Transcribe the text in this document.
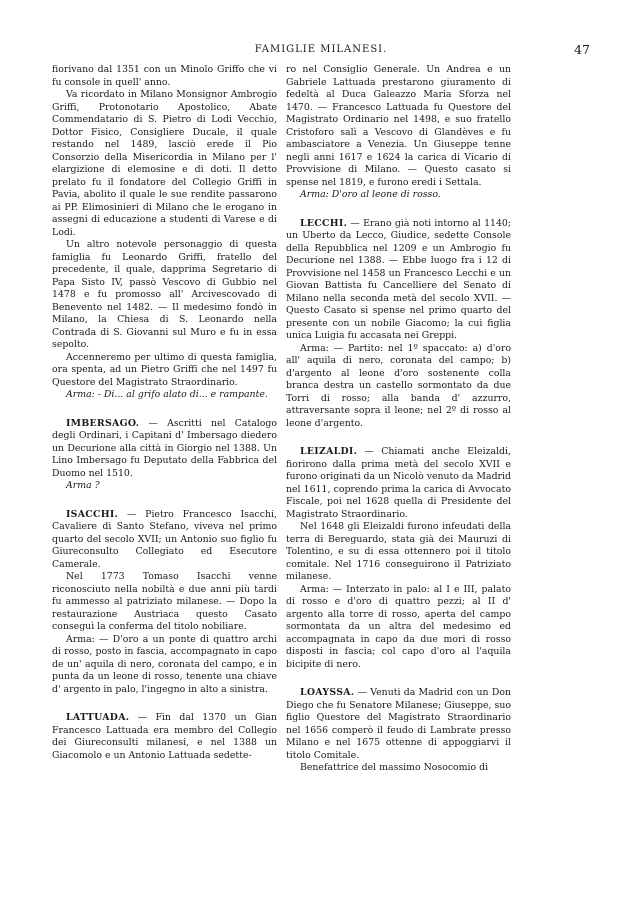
FAMIGLIE MILANESI.	47

fiorivano dal 1351 con un Minolo Griffo che vi fu console in quell' anno.

Va ricordato in Milano Monsignor Ambrogio Griffi, Protonotario Apostolico, Abate Commendatario di S. Pietro di Lodi Vecchio, Dottor Fisico, Consigliere Ducale, il quale restando nel 1489, lasciò erede il Pio Consorzio della Misericordia in Milano per l' elargizione di elemosine e di doti. Il detto prelato fu il fondatore del Collegio Griffi in Pavia, abolito il quale le sue rendite passarono ai PP. Elimosinieri di Milano che le erogano in assegni di educazione a studenti di Varese e di Lodi.

Un altro notevole personaggio di questa famiglia fu Leonardo Griffi, fratello del precedente, il quale, dapprima Segretario di Papa Sisto IV, passò Vescovo di Gubbio nel 1478 e fu promosso all' Arcivescovado di Benevento nel 1482. — Il medesimo fondò in Milano, la Chiesa di S. Leonardo nella Contrada di S. Giovanni sul Muro e fu in essa sepolto.

Accenneremo per ultimo di questa famiglia, ora spenta, ad un Pietro Griffi che nel 1497 fu Questore del Magistrato Straordinario.

Arma: - Di... al grifo alato di... e rampante.

IMBERSAGO. — Ascritti nel Catalogo degli Ordinari, i Capitani d' Imbersago diedero un Decurione alla città in Giorgio nel 1388. Un Lino Imbersago fu Deputato della Fabbrica del Duomo nel 1510.

Arma ?

ISACCHI. — Pietro Francesco Isacchi, Cavaliere di Santo Stefano, viveva nel primo quarto del secolo XVII; un Antonio suo figlio fu Giureconsulto Collegiato ed Esecutore Camerale.

Nel 1773 Tomaso Isacchi venne riconosciuto nella nobiltà e due anni più tardi fu ammesso al patriziato milanese. — Dopo la restaurazione Austriaca questo Casato conseguì la conferma del titolo nobiliare.

Arma: — D'oro a un ponte di quattro archi di rosso, posto in fascia, accompagnato in capo de un' aquila di nero, coronata del campo, e in punta da un leone di rosso, tenente una chiave d' argento in palo, l'ingegno in alto a sinistra.

LATTUADA. — Fin dal 1370 un Gian Francesco Lattuada era membro del Collegio dei Giureconsulti milanesi, e nel 1388 un Giacomolo e un Antonio Lattuada sedette-

ro nel Consiglio Generale. Un Andrea e un Gabriele Lattuada prestarono giuramento di fedeltà al Duca Galeazzo Maria Sforza nel 1470. — Francesco Lattuada fu Questore del Magistrato Ordinario nel 1498, e suo fratello Cristoforo salì a Vescovo di Glandèves e fu ambasciatore a Venezia. Un Giuseppe tenne negli anni 1617 e 1624 la carica di Vicario di Provvisione di Milano. — Questo casato si spense nel 1819, e furono eredi i Settala.

Arma: D'oro al leone di rosso.

LECCHI. — Erano già noti intorno al 1140; un Uberto da Lecco, Giudice, sedette Console della Repubblica nel 1209 e un Ambrogio fu Decurione nel 1388. — Ebbe luogo fra i 12 di Provvisione nel 1458 un Francesco Lecchi e un Giovan Battista fu Cancelliere del Senato di Milano nella seconda metà del secolo XVII. — Questo Casato si spense nel primo quarto del presente con un nobile Giacomo; la cui figlia unica Luigia fu accasata nei Greppi.

Arma: — Partito: nel 1º spaccato: a) d'oro all' aquila di nero, coronata del campo; b) d'argento al leone d'oro sostenente colla branca destra un castello sormontato da due Torri di rosso; alla banda d' azzurro, attraversante sopra il leone; nel 2º di rosso al leone d'argento.

LEIZALDI. — Chiamati anche Eleizaldi, fiorirono dalla prima metà del secolo XVII e furono originati da un Nicolò venuto da Madrid nel 1611, coprendo prima la carica di Avvocato Fiscale, poi nel 1628 quella di Presidente del Magistrato Straordinario.

Nel 1648 gli Eleizaldi furono infeudati della terra di Bereguardo, stata già dei Mauruzi di Tolentino, e su di essa ottennero poi il titolo comitale. Nel 1716 conseguirono il Patriziato milanese.

Arma: — Interzato in palo: al I e III, palato di rosso e d'oro di quattro pezzi; al II d' argento alla torre di rosso, aperta del campo sormontata da un altra del medesimo ed accompagnata in capo da due mori di rosso disposti in fascia; col capo d'oro al l'aquila bicipite di nero.

LOAYSSA. — Venuti da Madrid con un Don Diego che fu Senatore Milanese; Giuseppe, suo figlio Questore del Magistrato Straordinario nel 1656 comperò il feudo di Lambrate presso Milano e nel 1675 ottenne di appoggiarvi il titolo Comitale.

Benefattrice del massimo Nosocomio di
